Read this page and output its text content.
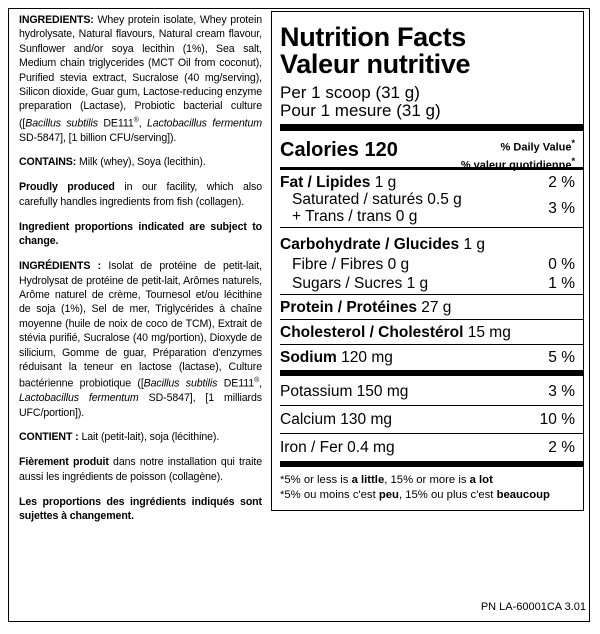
INGREDIENTS: Whey protein isolate, Whey protein hydrolysate, Natural flavours, Natural cream flavour, Sunflower and/or soya lecithin (1%), Sea salt, Medium chain triglycerides (MCT Oil from coconut), Purified stevia extract, Sucralose (40 mg/serving), Silicon dioxide, Guar gum, Lactose-reducing enzyme preparation (Lactase), Probiotic bacterial culture ([Bacillus subtilis DE111®, Lactobacillus fermentum SD-5847], [1 billion CFU/serving]).

CONTAINS: Milk (whey), Soya (lecithin).

Proudly produced in our facility, which also carefully handles ingredients from fish (collagen).

Ingredient proportions indicated are subject to change.

INGRÉDIENTS : Isolat de protéine de petit-lait, Hydrolysat de protéine de petit-lait, Arômes naturels, Arôme naturel de crème, Tournesol et/ou lécithine de soja (1%), Sel de mer, Triglycérides à chaîne moyenne (huile de noix de coco de TCM), Extrait de stévia purifié, Sucralose (40 mg/portion), Dioxyde de silicium, Gomme de guar, Préparation d'enzymes réduisant la teneur en lactose (lactase), Culture bactérienne probiotique ([Bacillus subtilis DE111®, Lactobacillus fermentum SD-5847], [1 milliards UFC/portion]).

CONTIENT : Lait (petit-lait), soja (lécithine).

Fièrement produit dans notre installation qui traite aussi les ingrédients de poisson (collagène).

Les proportions des ingrédients indiqués sont sujettes à changement.

Nutrition Facts
Valeur nutritive
Per 1 scoop (31 g)
Pour 1 mesure (31 g)
Calories 120	% Daily Value*
% valeur quotidienne*
Fat / Lipides 1 g	2 %
Saturated / saturés 0.5 g
+ Trans / trans 0 g	3 %
Carbohydrate / Glucides 1 g
Fibre / Fibres 0 g	0 %
Sugars / Sucres 1 g	1 %
Protein / Protéines 27 g
Cholesterol / Cholestérol 15 mg
Sodium 120 mg	5 %
Potassium 150 mg	3 %
Calcium 130 mg	10 %
Iron / Fer 0.4 mg	2 %
*5% or less is a little, 15% or more is a lot
*5% ou moins c'est peu, 15% ou plus c'est beaucoup
PN LA-60001CA 3.01
